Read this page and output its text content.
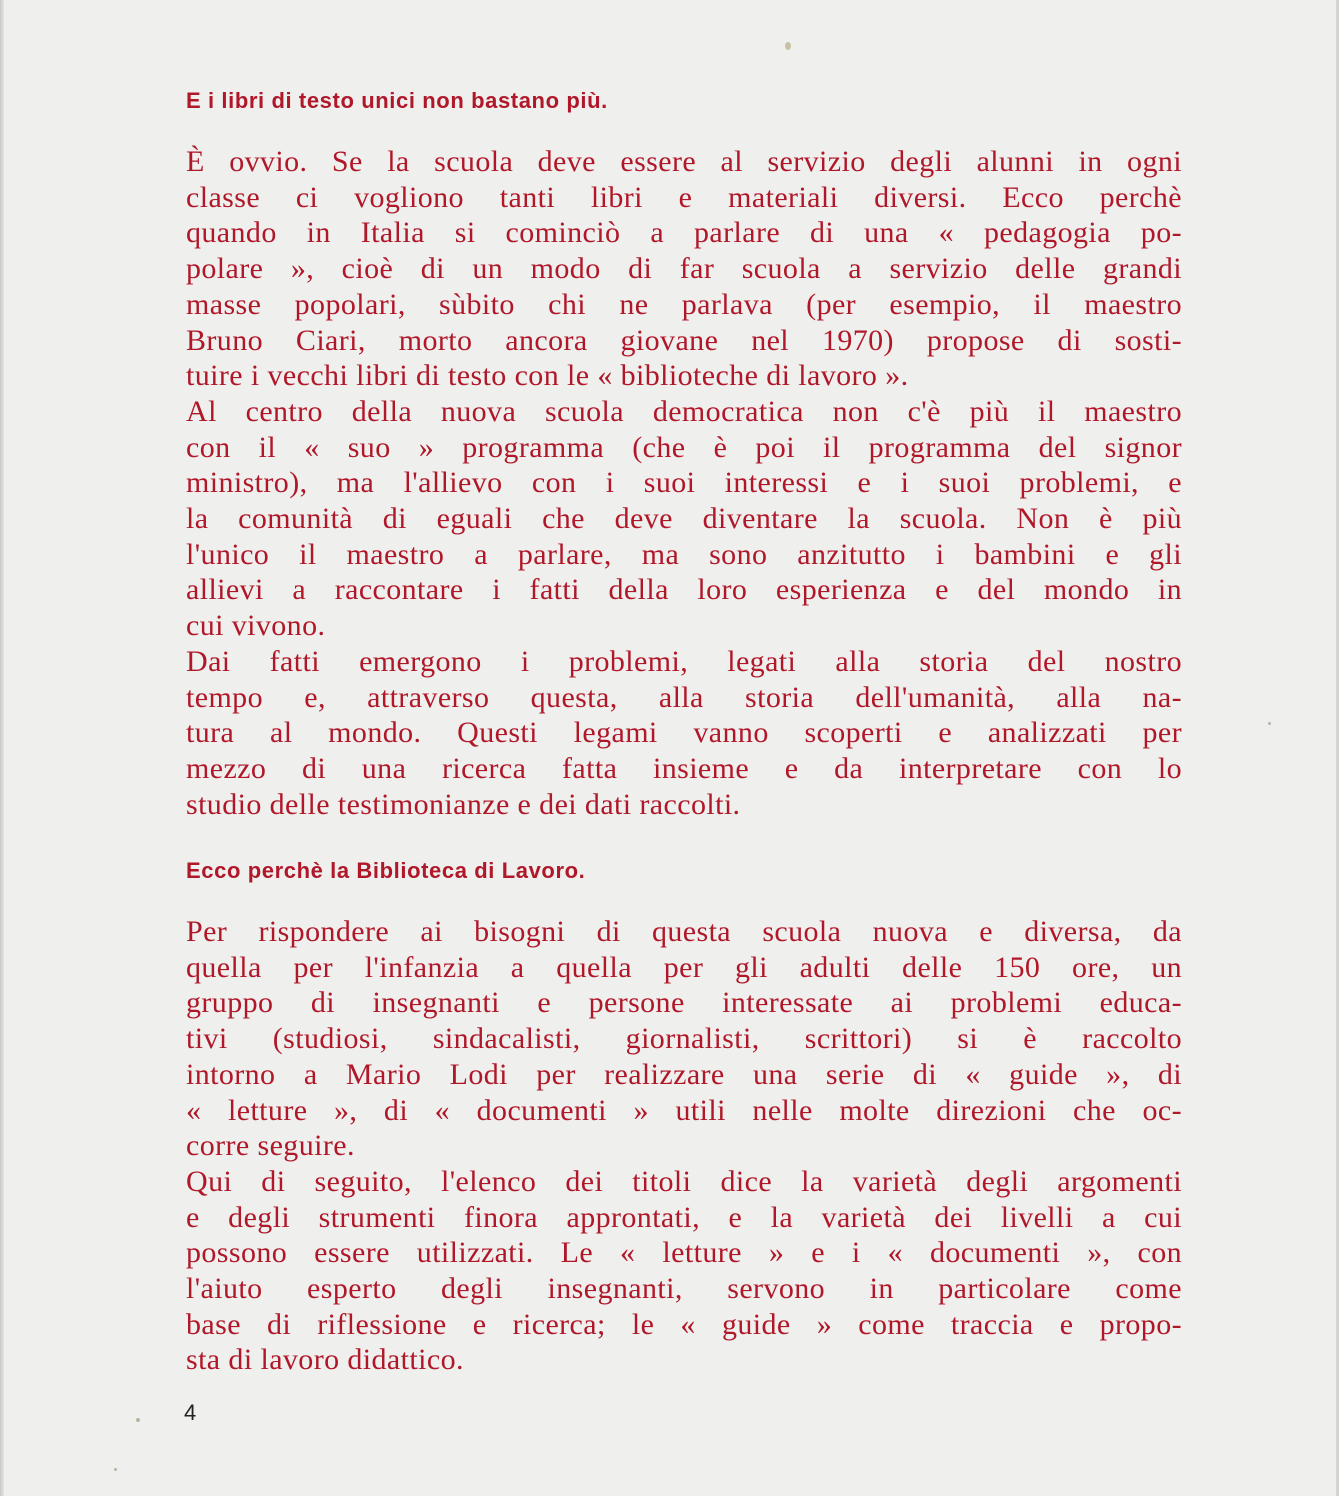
E i libri di testo unici non bastano più.
È ovvio. Se la scuola deve essere al servizio degli alunni in ogni
classe ci vogliono tanti libri e materiali diversi. Ecco perchè
quando in Italia si cominciò a parlare di una « pedagogia po-
polare », cioè di un modo di far scuola a servizio delle grandi
masse popolari, sùbito chi ne parlava (per esempio, il maestro
Bruno Ciari, morto ancora giovane nel 1970) propose di sosti-
tuire i vecchi libri di testo con le « biblioteche di lavoro ».
Al centro della nuova scuola democratica non c'è più il maestro
con il « suo » programma (che è poi il programma del signor
ministro), ma l'allievo con i suoi interessi e i suoi problemi, e
la comunità di eguali che deve diventare la scuola. Non è più
l'unico il maestro a parlare, ma sono anzitutto i bambini e gli
allievi a raccontare i fatti della loro esperienza e del mondo in
cui vivono.
Dai fatti emergono i problemi, legati alla storia del nostro
tempo e, attraverso questa, alla storia dell'umanità, alla na-
tura al mondo. Questi legami vanno scoperti e analizzati per
mezzo di una ricerca fatta insieme e da interpretare con lo
studio delle testimonianze e dei dati raccolti.
Ecco perchè la Biblioteca di Lavoro.
Per rispondere ai bisogni di questa scuola nuova e diversa, da
quella per l'infanzia a quella per gli adulti delle 150 ore, un
gruppo di insegnanti e persone interessate ai problemi educa-
tivi (studiosi, sindacalisti, giornalisti, scrittori) si è raccolto
intorno a Mario Lodi per realizzare una serie di « guide », di
« letture », di « documenti » utili nelle molte direzioni che oc-
corre seguire.
Qui di seguito, l'elenco dei titoli dice la varietà degli argomenti
e degli strumenti finora approntati, e la varietà dei livelli a cui
possono essere utilizzati. Le « letture » e i « documenti », con
l'aiuto esperto degli insegnanti, servono in particolare come
base di riflessione e ricerca; le « guide » come traccia e propo-
sta di lavoro didattico.
4
